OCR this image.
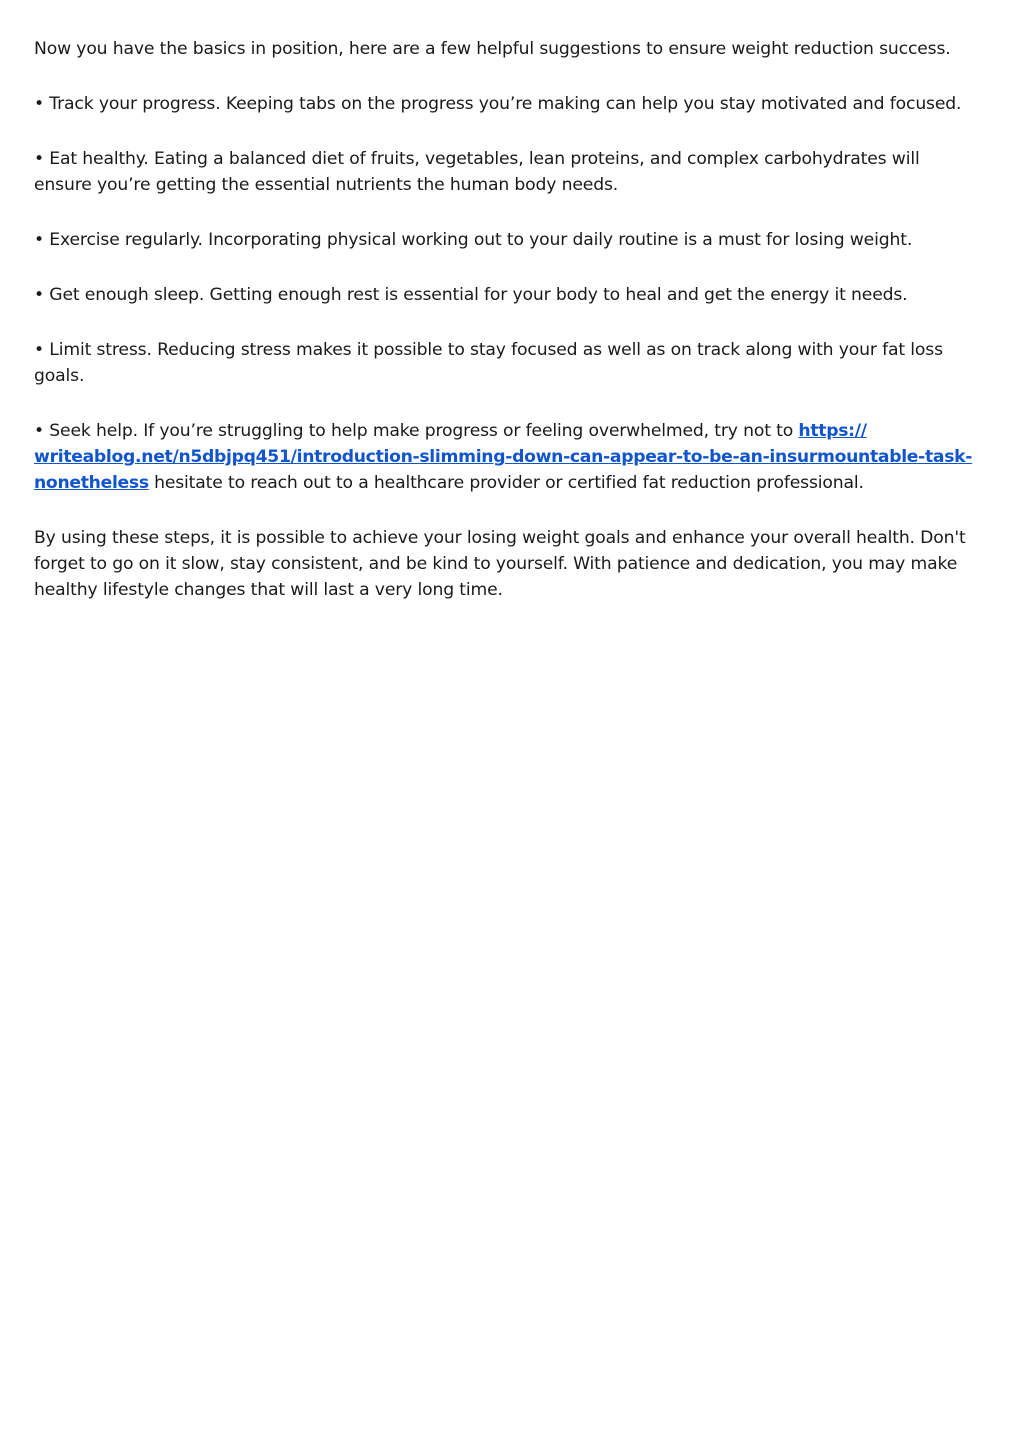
Now you have the basics in position, here are a few helpful suggestions to ensure weight reduction success.

• Track your progress. Keeping tabs on the progress you’re making can help you stay motivated and focused.

• Eat healthy. Eating a balanced diet of fruits, vegetables, lean proteins, and complex carbohydrates will ensure you’re getting the essential nutrients the human body needs.

• Exercise regularly. Incorporating physical working out to your daily routine is a must for losing weight.

• Get enough sleep. Getting enough rest is essential for your body to heal and get the energy it needs.

• Limit stress. Reducing stress makes it possible to stay focused as well as on track along with your fat loss goals.

• Seek help. If you’re struggling to help make progress or feeling overwhelmed, try not to https://writeablog.net/n5dbjpq451/introduction-slimming-down-can-appear-to-be-an-insurmountable-task-nonetheless hesitate to reach out to a healthcare provider or certified fat reduction professional.

By using these steps, it is possible to achieve your losing weight goals and enhance your overall health. Don't forget to go on it slow, stay consistent, and be kind to yourself. With patience and dedication, you may make healthy lifestyle changes that will last a very long time.
